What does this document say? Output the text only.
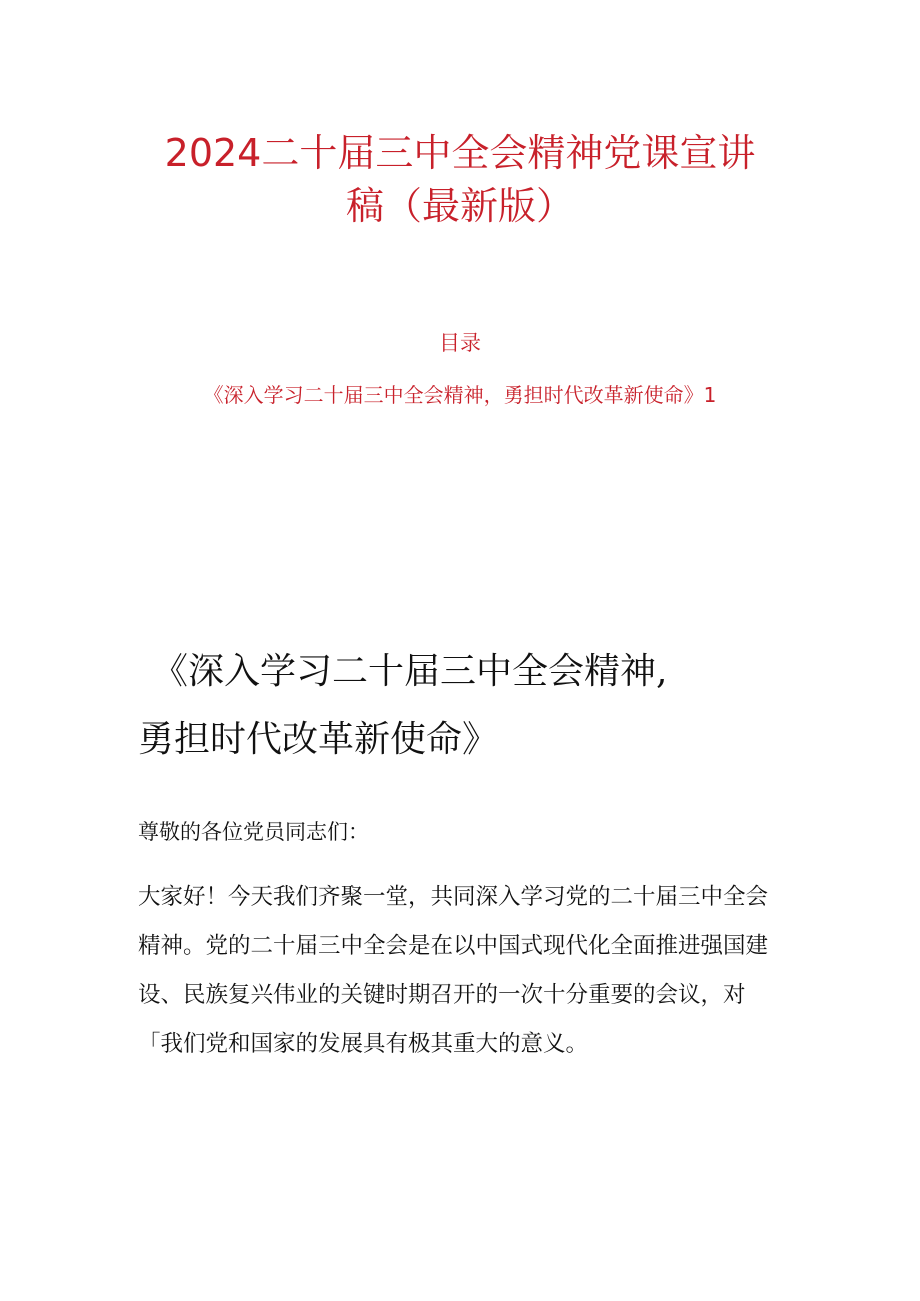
2024二十届三中全会精神党课宣讲
稿（最新版）
目录
《深入学习二十届三中全会精神，勇担时代改革新使命》1
《深入学习二十届三中全会精神,
勇担时代改革新使命》
尊敬的各位党员同志们：
大家好！今天我们齐聚一堂，共同深入学习党的二十届三中全会
精神。党的二十届三中全会是在以中国式现代化全面推进强国建
设、民族复兴伟业的关键时期召开的一次十分重要的会议，对
「我们党和国家的发展具有极其重大的意义。
